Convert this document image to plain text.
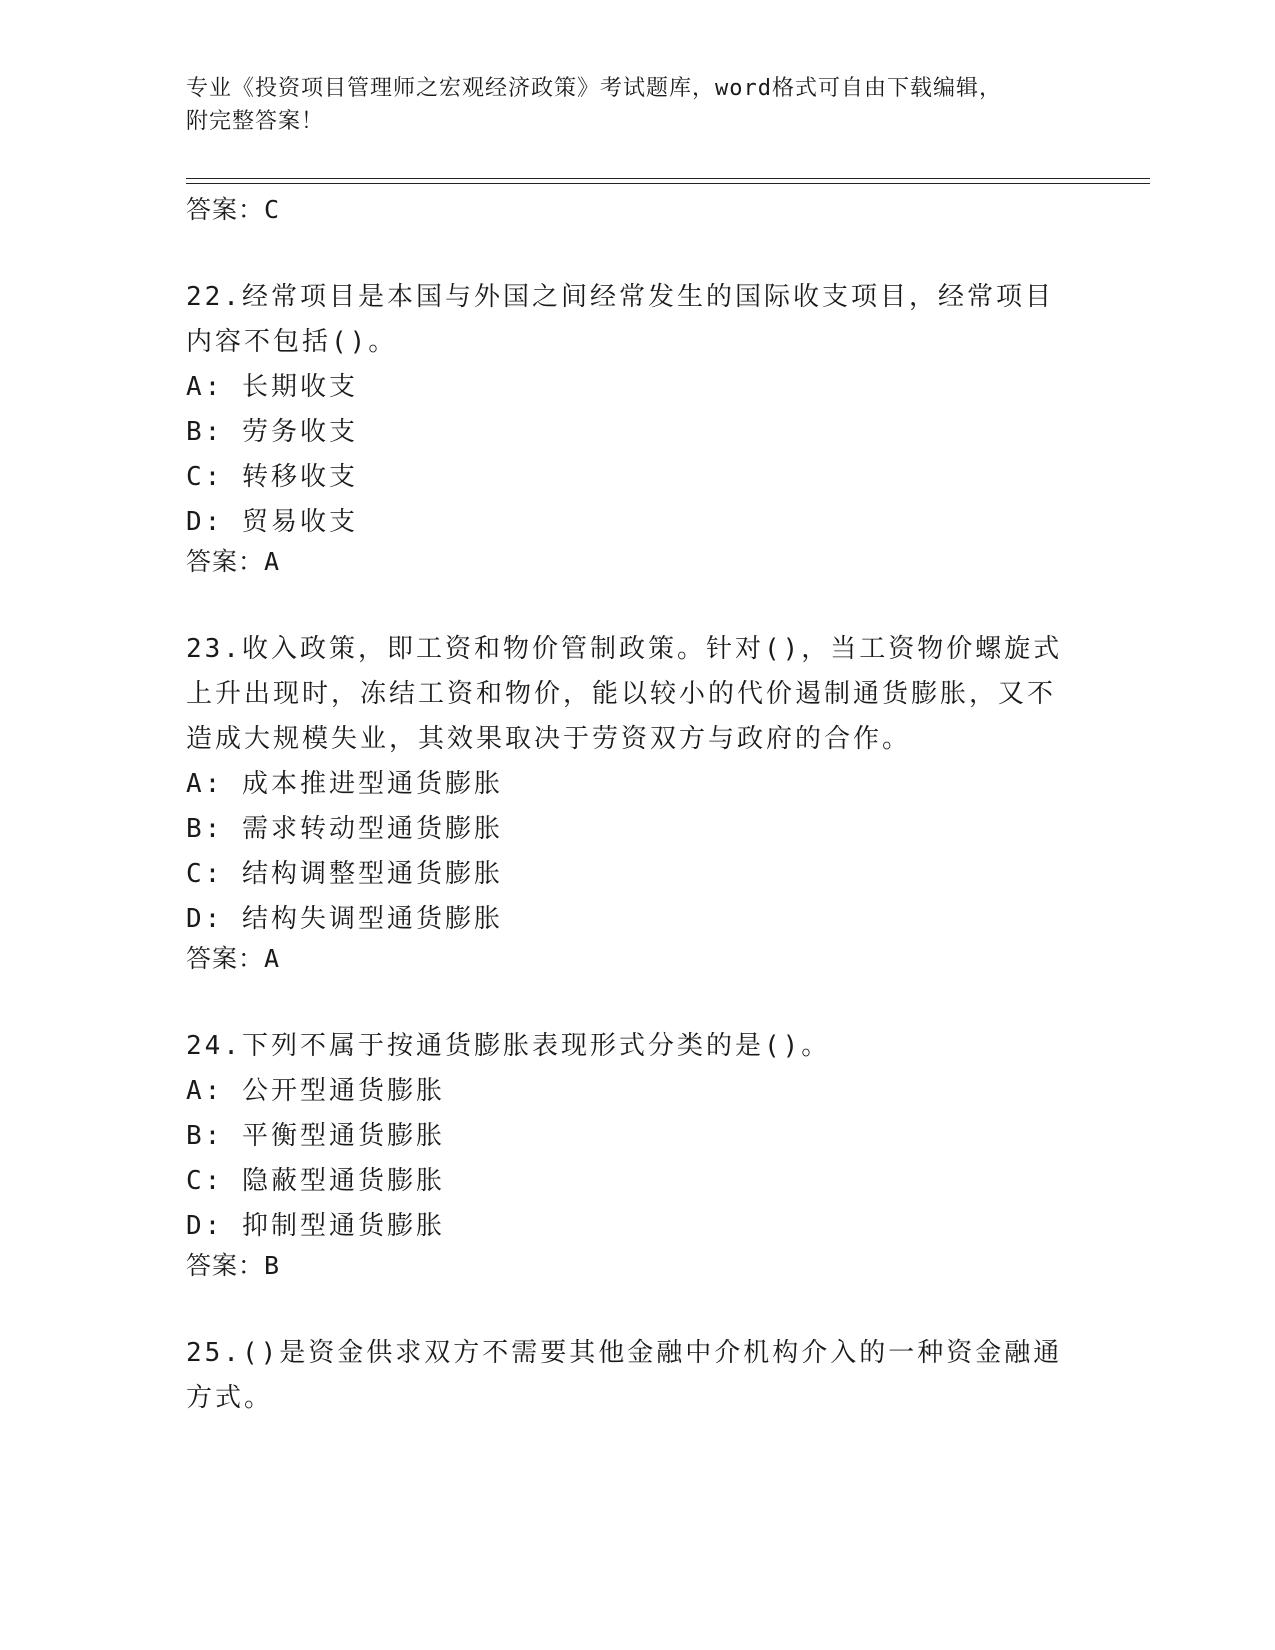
专业《投资项目管理师之宏观经济政策》考试题库，word格式可自由下载编辑，
附完整答案！
答案：C

22.经常项目是本国与外国之间经常发生的国际收支项目，经常项目内容不包括()。

A: 长期收支

B: 劳务收支

C: 转移收支

D: 贸易收支

答案：A

23.收入政策，即工资和物价管制政策。针对()，当工资物价螺旋式上升出现时，冻结工资和物价，能以较小的代价遏制通货膨胀，又不造成大规模失业，其效果取决于劳资双方与政府的合作。

A: 成本推进型通货膨胀

B: 需求转动型通货膨胀

C: 结构调整型通货膨胀

D: 结构失调型通货膨胀

答案：A

24.下列不属于按通货膨胀表现形式分类的是()。

A: 公开型通货膨胀

B: 平衡型通货膨胀

C: 隐蔽型通货膨胀

D: 抑制型通货膨胀

答案：B

25.()是资金供求双方不需要其他金融中介机构介入的一种资金融通方式。
